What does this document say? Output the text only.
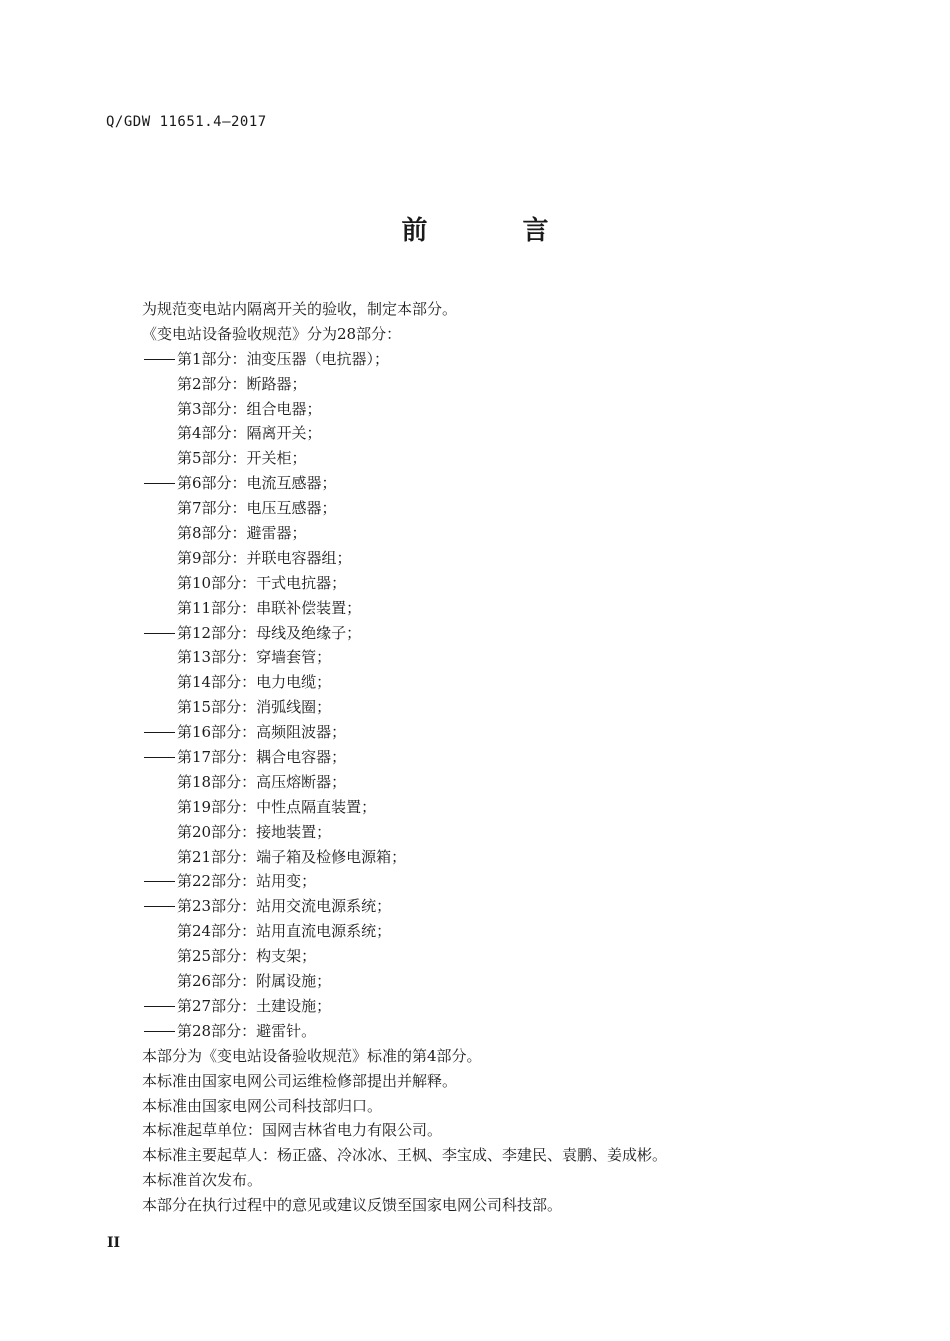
Q/GDW 11651.4—2017
前言
为规范变电站内隔离开关的验收，制定本部分。
《变电站设备验收规范》分为28部分：
第1部分：油变压器（电抗器）；
第2部分：断路器；
第3部分：组合电器；
第4部分：隔离开关；
第5部分：开关柜；
第6部分：电流互感器；
第7部分：电压互感器；
第8部分：避雷器；
第9部分：并联电容器组；
第10部分：干式电抗器；
第11部分：串联补偿装置；
第12部分：母线及绝缘子；
第13部分：穿墙套管；
第14部分：电力电缆；
第15部分：消弧线圈；
第16部分：高频阻波器；
第17部分：耦合电容器；
第18部分：高压熔断器；
第19部分：中性点隔直装置；
第20部分：接地装置；
第21部分：端子箱及检修电源箱；
第22部分：站用变；
第23部分：站用交流电源系统；
第24部分：站用直流电源系统；
第25部分：构支架；
第26部分：附属设施；
第27部分：土建设施；
第28部分：避雷针。
本部分为《变电站设备验收规范》标准的第4部分。
本标准由国家电网公司运维检修部提出并解释。
本标准由国家电网公司科技部归口。
本标准起草单位：国网吉林省电力有限公司。
本标准主要起草人：杨正盛、冷冰冰、王枫、李宝成、李建民、袁鹏、姜成彬。
本标准首次发布。
本部分在执行过程中的意见或建议反馈至国家电网公司科技部。
II
